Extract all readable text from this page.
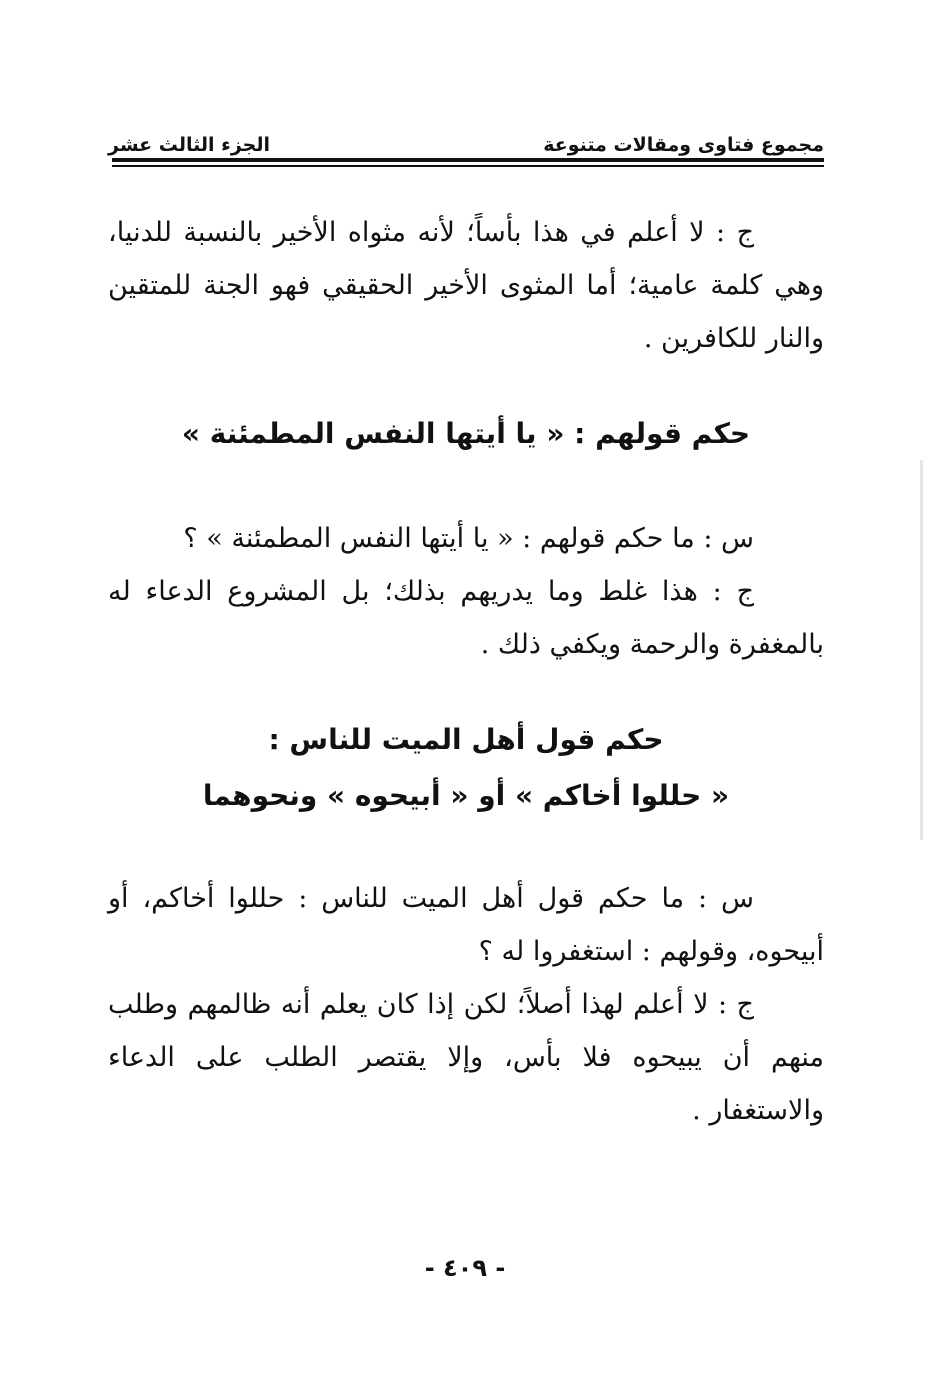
مجموع فتاوى ومقالات متنوعة
الجزء الثالث عشر

ج : لا أعلم في هذا بأساً؛ لأنه مثواه الأخير بالنسبة للدنيا، وهي كلمة عامية؛ أما المثوى الأخير الحقيقي فهو الجنة للمتقين والنار للكافرين .

حكم قولهم : « يا أيتها النفس المطمئنة »

س : ما حكم قولهم : « يا أيتها النفس المطمئنة » ؟

ج : هذا غلط وما يدريهم بذلك؛ بل المشروع الدعاء له بالمغفرة والرحمة ويكفي ذلك .

حكم قول أهل الميت للناس :
« حللوا أخاكم » أو « أبيحوه » ونحوهما

س : ما حكم قول أهل الميت للناس : حللوا أخاكم، أو أبيحوه، وقولهم : استغفروا له ؟

ج : لا أعلم لهذا أصلاً؛ لكن إذا كان يعلم أنه ظالمهم وطلب منهم أن يبيحوه فلا بأس، وإلا يقتصر الطلب على الدعاء والاستغفار .

- ٤٠٩ -
